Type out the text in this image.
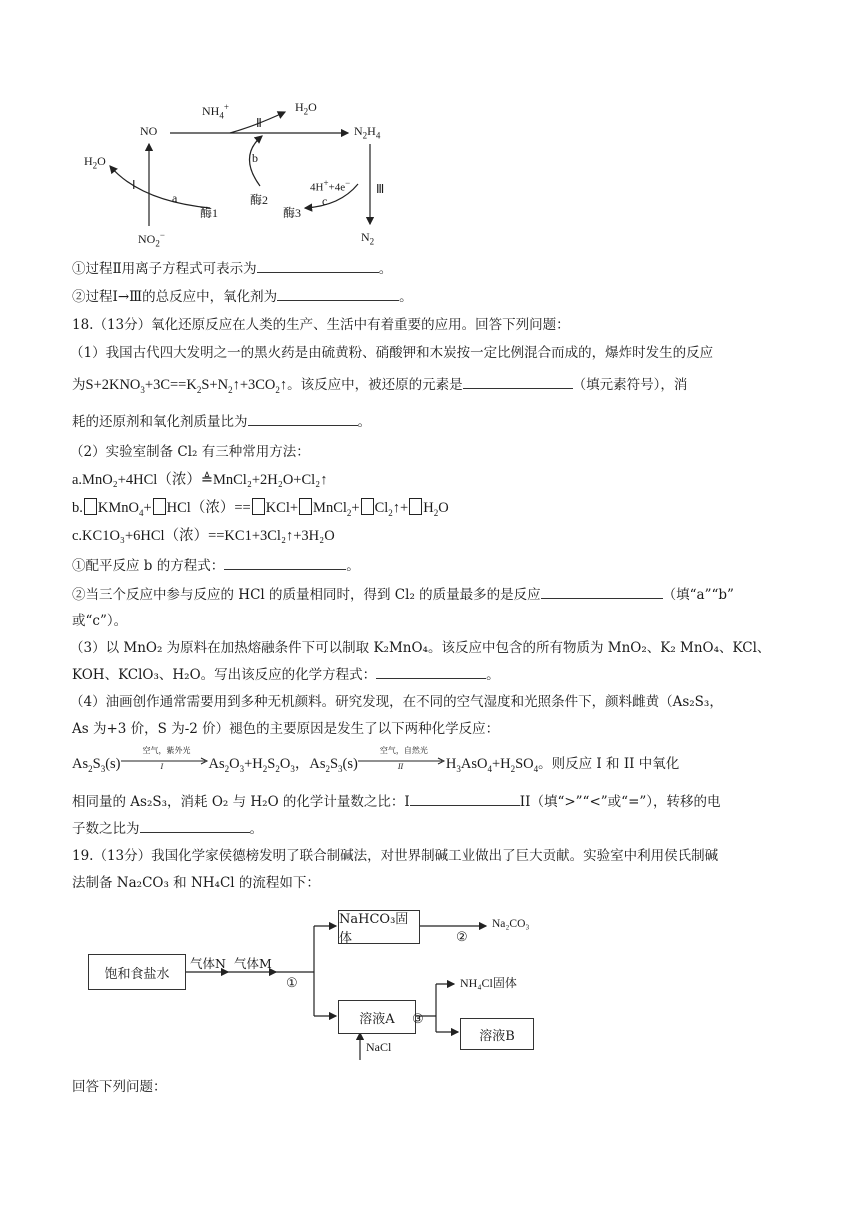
$NH_4^+$	$H_2O$
NO	$N_2H_4$
$H_2O$
Ⅰ
Ⅱ
Ⅲ
a
b
c
酶1
酶2
酶3
4H++4e−
$NO_2^-$	$N_2$
①过程Ⅱ用离子方程式可表示为	。
②过程Ⅰ→Ⅲ的总反应中，氧化剂为	。
18.（13分）氧化还原反应在人类的生产、生活中有着重要的应用。回答下列问题：
（1）我国古代四大发明之一的黑火药是由硫黄粉、硝酸钾和木炭按一定比例混合而成的，爆炸时发生的反应
为$S+2KNO_3+3C==K_2S+N_2↑+3CO_2↑$。该反应中，被还原的元素是	（填元素符号），消
耗的还原剂和氧化剂质量比为	。
（2）实验室制备 Cl₂ 有三种常用方法：
a.MnO₂+4HCl（浓）≜MnCl₂+2H₂O+Cl₂↑
b. KMnO$_4$+ HCl（浓）== KCl+ MnCl$_2$+ $Cl_2↑+ H_2O$
c.KC1O₃+6HCl（浓）==KC1+3Cl₂↑+3H₂O
①配平反应 b 的方程式：	。
②当三个反应中参与反应的 HCl 的质量相同时，得到 Cl₂ 的质量最多的是反应	（填“a”“b”
或“c”）。
（3）以 MnO₂ 为原料在加热熔融条件下可以制取 K₂MnO₄。该反应中包含的所有物质为 MnO₂、K₂ MnO₄、KCl、
KOH、KClO₃、H₂O。写出该反应的化学方程式：	。
（4）油画创作通常需要用到多种无机颜料。研究发现，在不同的空气湿度和光照条件下，颜料雌黄（As₂S₃，
As 为+3 价，S 为-2 价）褪色的主要原因是发生了以下两种化学反应：
$As_2S_3(s)$
空气，紫外光
I	$As_2O_3+H_2S_2O_3$，$As_2S_3(s)$
空气，自然光
II	$H_3AsO_4+H_2SO_4$。则反应 I 和 II 中氧化
相同量的 As₂S₃，消耗 O₂ 与 H₂O 的化学计量数之比：I	II（填“>”“<”或“=”），转移的电
子数之比为	。
19.（13分）我国化学家侯德榜发明了联合制碱法，对世界制碱工业做出了巨大贡献。实验室中利用侯氏制碱
法制备 Na₂CO₃ 和 NH₄Cl 的流程如下：
饱和食盐水
气体N 气体M
①
NaHCO₃固体	②
Na₂CO₃
溶液A	③
NH₄Cl固体
溶液B
NaCl
回答下列问题：
